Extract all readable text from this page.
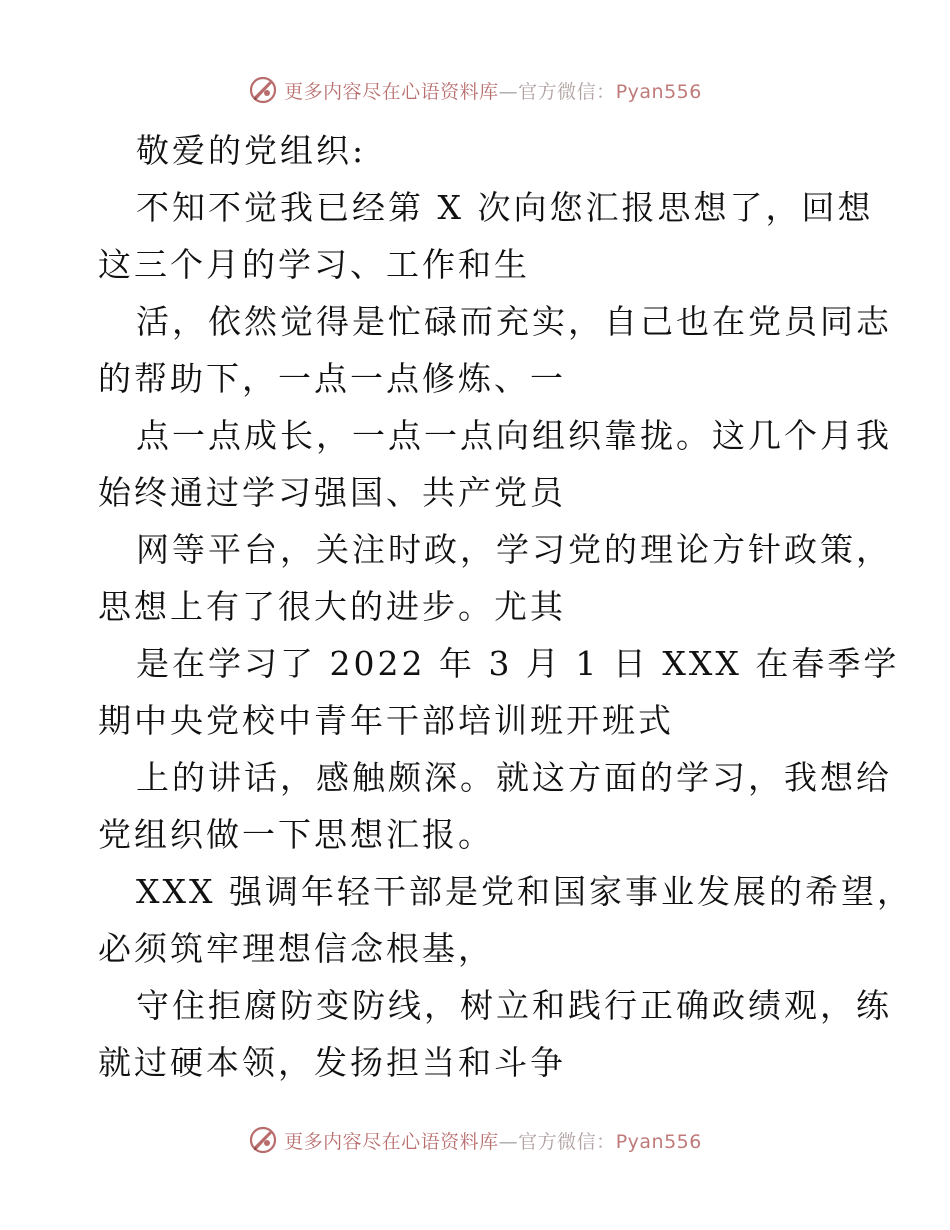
更多内容尽在心语资料库—官方微信：Pyan556
敬爱的党组织:
不知不觉我已经第 X 次向您汇报思想了，回想
这三个月的学习、工作和生
活，依然觉得是忙碌而充实，自己也在党员同志
的帮助下，一点一点修炼、一
点一点成长，一点一点向组织靠拢。这几个月我
始终通过学习强国、共产党员
网等平台，关注时政，学习党的理论方针政策，
思想上有了很大的进步。尤其
是在学习了 2022 年 3 月 1 日 XXX 在春季学
期中央党校中青年干部培训班开班式
上的讲话，感触颇深。就这方面的学习，我想给
党组织做一下思想汇报。
XXX 强调年轻干部是党和国家事业发展的希望，
必须筑牢理想信念根基，
守住拒腐防变防线，树立和践行正确政绩观，练
就过硬本领，发扬担当和斗争
更多内容尽在心语资料库—官方微信：Pyan556
